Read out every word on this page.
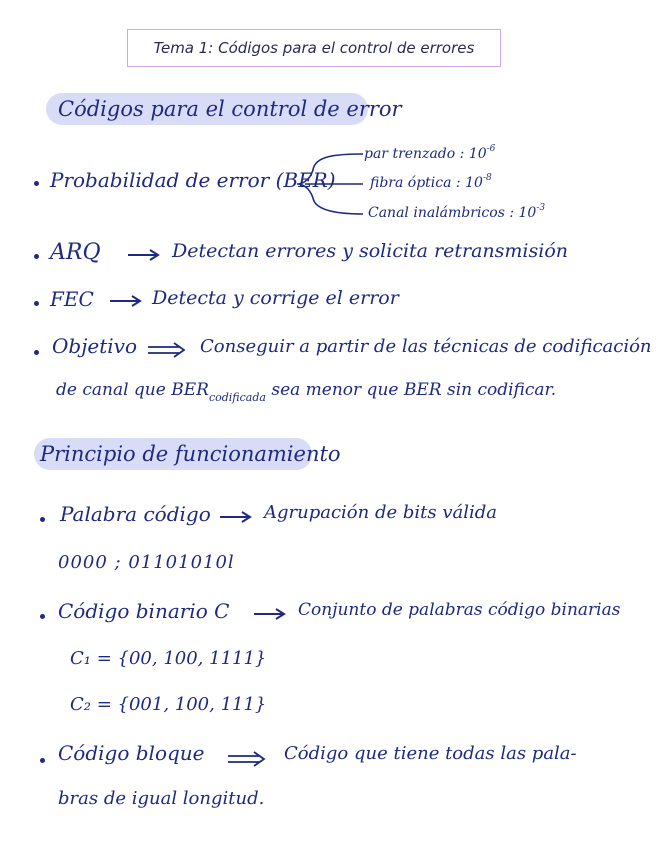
Tema 1: Códigos para el control de errores
Códigos para el control de error
Probabilidad de error (BER)
par trenzado : $10^{-6}$
fibra óptica : $10^{-8}$
Canal inalámbricos : $10^{-3}$
ARQ	Detectan errores y solicita retransmisión
FEC	Detecta y corrige el error
Objetivo	Conseguir a partir de las técnicas de codificación
de canal que $BER_{codificada}$ sea menor que BER sin codificar.
Principio de funcionamiento
Palabra código	Agrupación de bits válida
0000 ; 01101010l
Código binario C	Conjunto de palabras código binarias
C₁ = {00, 100, 1111}
C₂ = {001, 100, 111}
Código bloque	Código que tiene todas las pala-
bras de igual longitud.
